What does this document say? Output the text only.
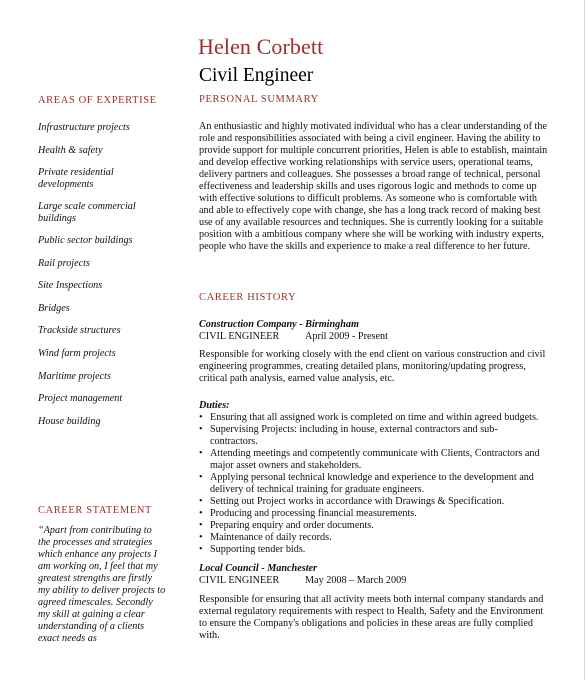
Helen Corbett
Civil Engineer
AREAS OF EXPERTISE
Infrastructure projects
Health & safety
Private residential developments
Large scale commercial buildings
Public sector buildings
Rail projects
Site Inspections
Bridges
Trackside structures
Wind farm projects
Maritime projects
Project management
House building
CAREER STATEMENT
“Apart from contributing to the processes and strategies which enhance any projects I am working on, I feel that my greatest strengths are firstly my ability to deliver projects to agreed timescales. Secondly my skill at gaining a clear understanding of a clients exact needs as
PERSONAL SUMMARY
An enthusiastic and highly motivated individual who has a clear understanding of the role and responsibilities associated with being a civil engineer. Having the ability to provide support for multiple concurrent priorities, Helen is able to establish, maintain and develop effective working relationships with service users, operational teams, delivery partners and colleagues. She possesses a broad range of technical, personal effectiveness and leadership skills and uses rigorous logic and methods to come up with effective solutions to difficult problems. As someone who is comfortable with and able to effectively cope with change, she has a long track record of making best use of any available resources and techniques. She is currently looking for a suitable position with a ambitious company where she will be working with industry experts, people who have the skills and experience to make a real difference to her future.
CAREER HISTORY
Construction Company - Birmingham
CIVIL ENGINEER	April 2009 - Present
Responsible for working closely with the end client on various construction and civil engineering programmes, creating detailed plans, monitoring/updating progress, critical path analysis, earned value analysis, etc.
Duties:
• Ensuring that all assigned work is completed on time and within agreed budgets.
• Supervising Projects: including in house, external contractors and sub-contractors.
• Attending meetings and competently communicate with Clients, Contractors and major asset owners and stakeholders.
• Applying personal technical knowledge and experience to the development and delivery of technical training for graduate engineers.
• Setting out Project works in accordance with Drawings & Specification.
• Producing and processing financial measurements.
• Preparing enquiry and order documents.
• Maintenance of daily records.
• Supporting tender bids.
Local Council - Manchester
CIVIL ENGINEER	May 2008 – March 2009
Responsible for ensuring that all activity meets both internal company standards and external regulatory requirements with respect to Health, Safety and the Environment to ensure the Company's obligations and policies in these areas are fully complied with.
